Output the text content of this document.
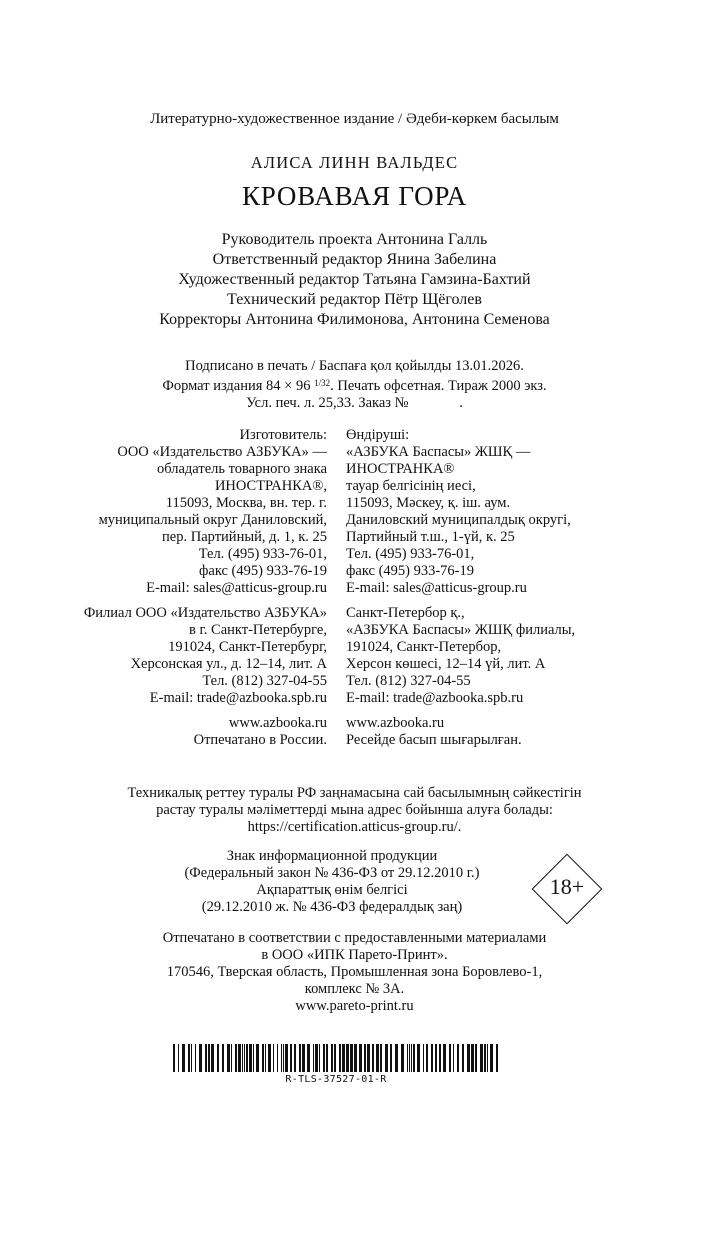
Литературно-художественное издание / Әдеби-көркем басылым
АЛИСА ЛИНН ВАЛЬДЕС
КРОВАВАЯ ГОРА
Руководитель проекта Антонина Галль
Ответственный редактор Янина Забелина
Художественный редактор Татьяна Гамзина-Бахтий
Технический редактор Пётр Щёголев
Корректоры Антонина Филимонова, Антонина Семенова
Подписано в печать / Баспаға қол қойылды 13.01.2026.
Формат издания 84 × 96 $^{1/32}$. Печать офсетная. Тираж 2000 экз.
Усл. печ. л. 25,33. Заказ №              .
Изготовитель:
ООО «Издательство АЗБУКА» —
обладатель товарного знака
ИНОСТРАНКА®,
115093, Москва, вн. тер. г.
муниципальный округ Даниловский,
пер. Партийный, д. 1, к. 25
Тел. (495) 933-76-01,
факс (495) 933-76-19
E-mail: sales@atticus-group.ru
Филиал ООО «Издательство АЗБУКА»
в г. Санкт-Петербурге,
191024, Санкт-Петербург,
Херсонская ул., д. 12–14, лит. А
Тел. (812) 327-04-55
E-mail: trade@azbooka.spb.ru
www.azbooka.ru
Отпечатано в России.
Өндіруші:
«АЗБУКА Баспасы» ЖШҚ —
ИНОСТРАНКА®
тауар белгісінің иесі,
115093, Мәскеу, қ. іш. аум.
Даниловский муниципалдық округі,
Партийный т.ш., 1-үй, к. 25
Тел. (495) 933-76-01,
факс (495) 933-76-19
E-mail: sales@atticus-group.ru
Санкт-Петербор қ.,
«АЗБУКА Баспасы» ЖШҚ филиалы,
191024, Санкт-Петербор,
Херсон көшесі, 12–14 үй, лит. А
Тел. (812) 327-04-55
E-mail: trade@azbooka.spb.ru
www.azbooka.ru
Ресейде басып шығарылған.
Техникалық реттеу туралы РФ заңнамасына сай басылымның сәйкестігін
растау туралы мәліметтерді мына адрес бойынша алуға болады:
https://certification.atticus-group.ru/.
Знак информационной продукции
(Федеральный закон № 436-ФЗ от 29.12.2010 г.)
Ақпараттық өнім белгісі
(29.12.2010 ж. № 436-ФЗ федералдық заң)
18+
Отпечатано в соответствии с предоставленными материалами
в ООО «ИПК Парето-Принт».
170546, Тверская область, Промышленная зона Боровлево-1,
комплекс № 3А.
www.pareto-print.ru
R-TLS-37527-01-R
